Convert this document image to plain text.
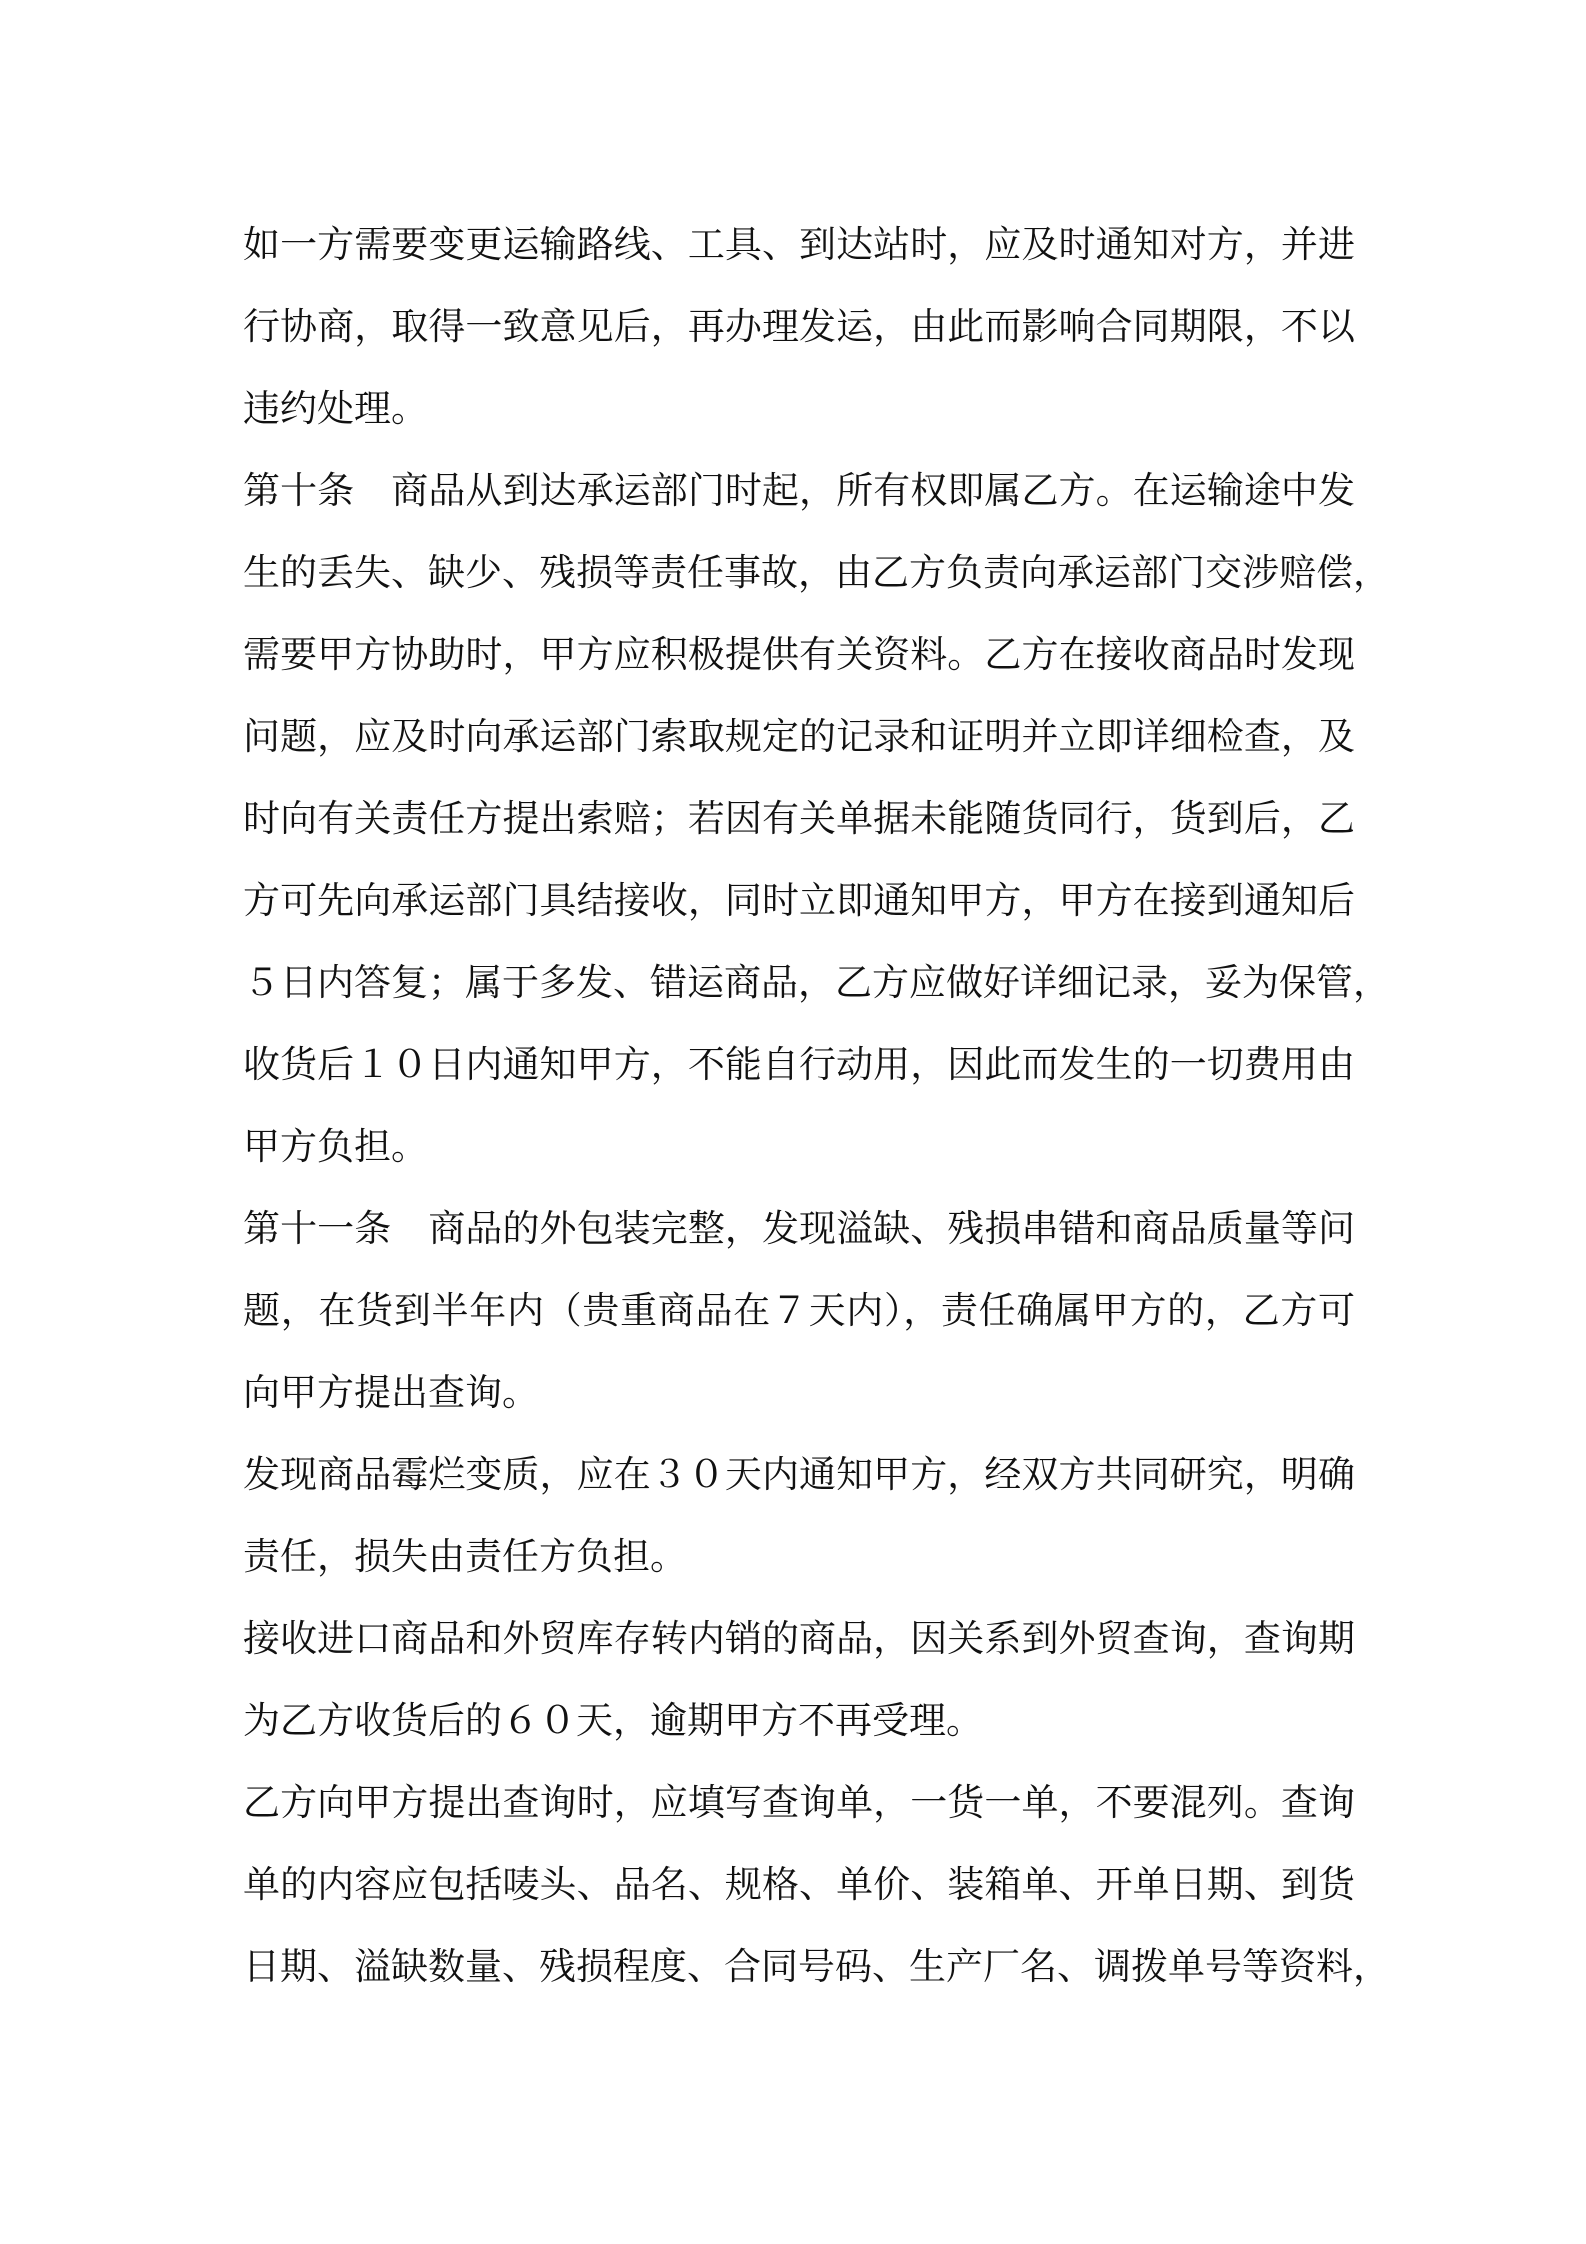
如一方需要变更运输路线、工具、到达站时，应及时通知对方，并进
行协商，取得一致意见后，再办理发运，由此而影响合同期限，不以
违约处理。
第十条　商品从到达承运部门时起，所有权即属乙方。在运输途中发
生的丢失、缺少、残损等责任事故，由乙方负责向承运部门交涉赔偿，
需要甲方协助时，甲方应积极提供有关资料。乙方在接收商品时发现
问题，应及时向承运部门索取规定的记录和证明并立即详细检查，及
时向有关责任方提出索赔；若因有关单据未能随货同行，货到后，乙
方可先向承运部门具结接收，同时立即通知甲方，甲方在接到通知后
５日内答复；属于多发、错运商品，乙方应做好详细记录，妥为保管，
收货后１０日内通知甲方，不能自行动用，因此而发生的一切费用由
甲方负担。
第十一条　商品的外包装完整，发现溢缺、残损串错和商品质量等问
题，在货到半年内（贵重商品在７天内），责任确属甲方的，乙方可
向甲方提出查询。
发现商品霉烂变质，应在３０天内通知甲方，经双方共同研究，明确
责任，损失由责任方负担。
接收进口商品和外贸库存转内销的商品，因关系到外贸查询，查询期
为乙方收货后的６０天，逾期甲方不再受理。
乙方向甲方提出查询时，应填写查询单，一货一单，不要混列。查询
单的内容应包括唛头、品名、规格、单价、装箱单、开单日期、到货
日期、溢缺数量、残损程度、合同号码、生产厂名、调拨单号等资料，
